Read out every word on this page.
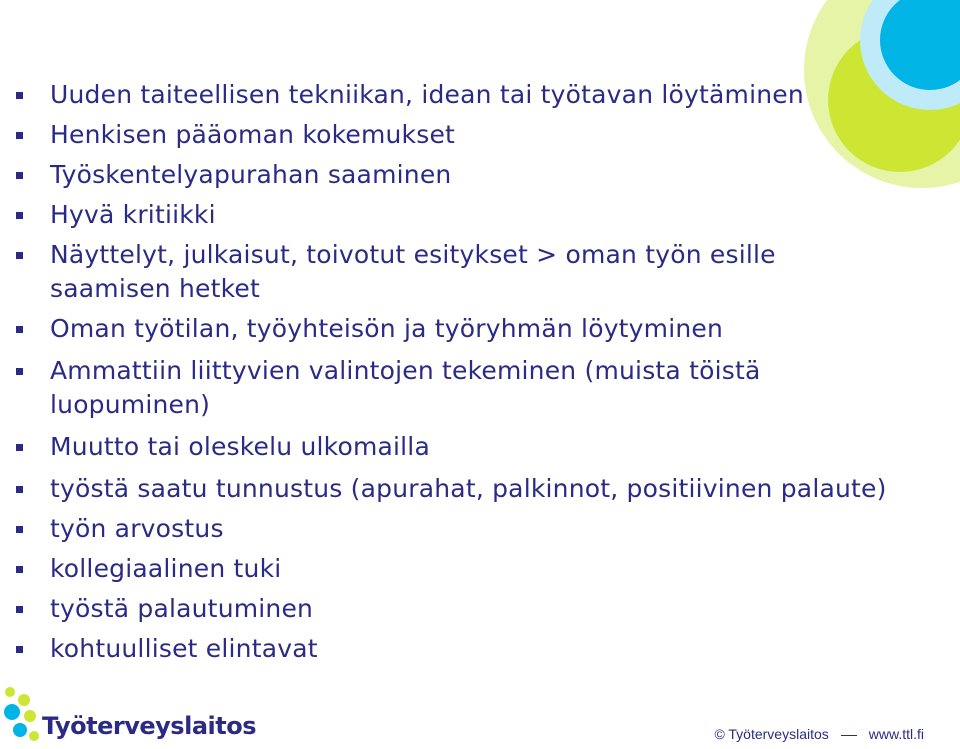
Uuden taiteellisen tekniikan, idean tai työtavan löytäminen
Henkisen pääoman kokemukset
Työskentelyapurahan saaminen
Hyvä kritiikki
Näyttelyt, julkaisut, toivotut esitykset > oman työn esille saamisen hetket
Oman työtilan, työyhteisön ja työryhmän löytyminen
Ammattiin liittyvien valintojen tekeminen (muista töistä luopuminen)
Muutto tai oleskelu ulkomailla
työstä saatu tunnustus (apurahat, palkinnot, positiivinen palaute)
työn arvostus
kollegiaalinen tuki
työstä palautuminen
kohtuulliset elintavat
Työterveyslaitos	© Työterveyslaitos	www.ttl.fi
